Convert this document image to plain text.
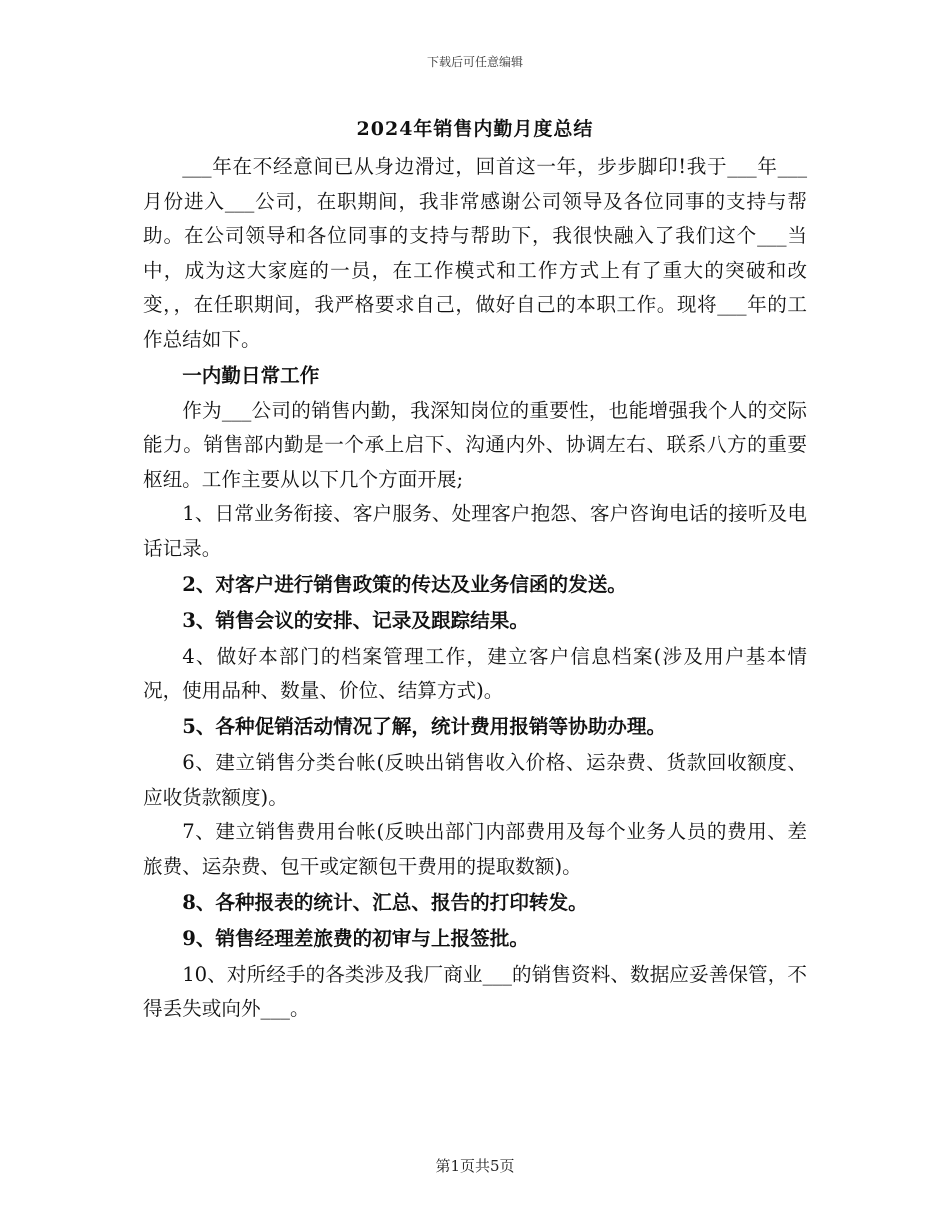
下载后可任意编辑
2024年销售内勤月度总结

___年在不经意间已从身边滑过，回首这一年，步步脚印!我于___年___月份进入___公司，在职期间，我非常感谢公司领导及各位同事的支持与帮助。在公司领导和各位同事的支持与帮助下，我很快融入了我们这个___当中，成为这大家庭的一员，在工作模式和工作方式上有了重大的突破和改变，，在任职期间，我严格要求自己，做好自己的本职工作。现将___年的工作总结如下。

一内勤日常工作

作为___公司的销售内勤，我深知岗位的重要性，也能增强我个人的交际能力。销售部内勤是一个承上启下、沟通内外、协调左右、联系八方的重要枢纽。工作主要从以下几个方面开展;

1、日常业务衔接、客户服务、处理客户抱怨、客户咨询电话的接听及电话记录。

2、对客户进行销售政策的传达及业务信函的发送。

3、销售会议的安排、记录及跟踪结果。

4、做好本部门的档案管理工作，建立客户信息档案(涉及用户基本情况，使用品种、数量、价位、结算方式)。

5、各种促销活动情况了解，统计费用报销等协助办理。

6、建立销售分类台帐(反映出销售收入价格、运杂费、货款回收额度、应收货款额度)。

7、建立销售费用台帐(反映出部门内部费用及每个业务人员的费用、差旅费、运杂费、包干或定额包干费用的提取数额)。

8、各种报表的统计、汇总、报告的打印转发。

9、销售经理差旅费的初审与上报签批。

10、对所经手的各类涉及我厂商业___的销售资料、数据应妥善保管，不得丢失或向外___。

第1页共5页
